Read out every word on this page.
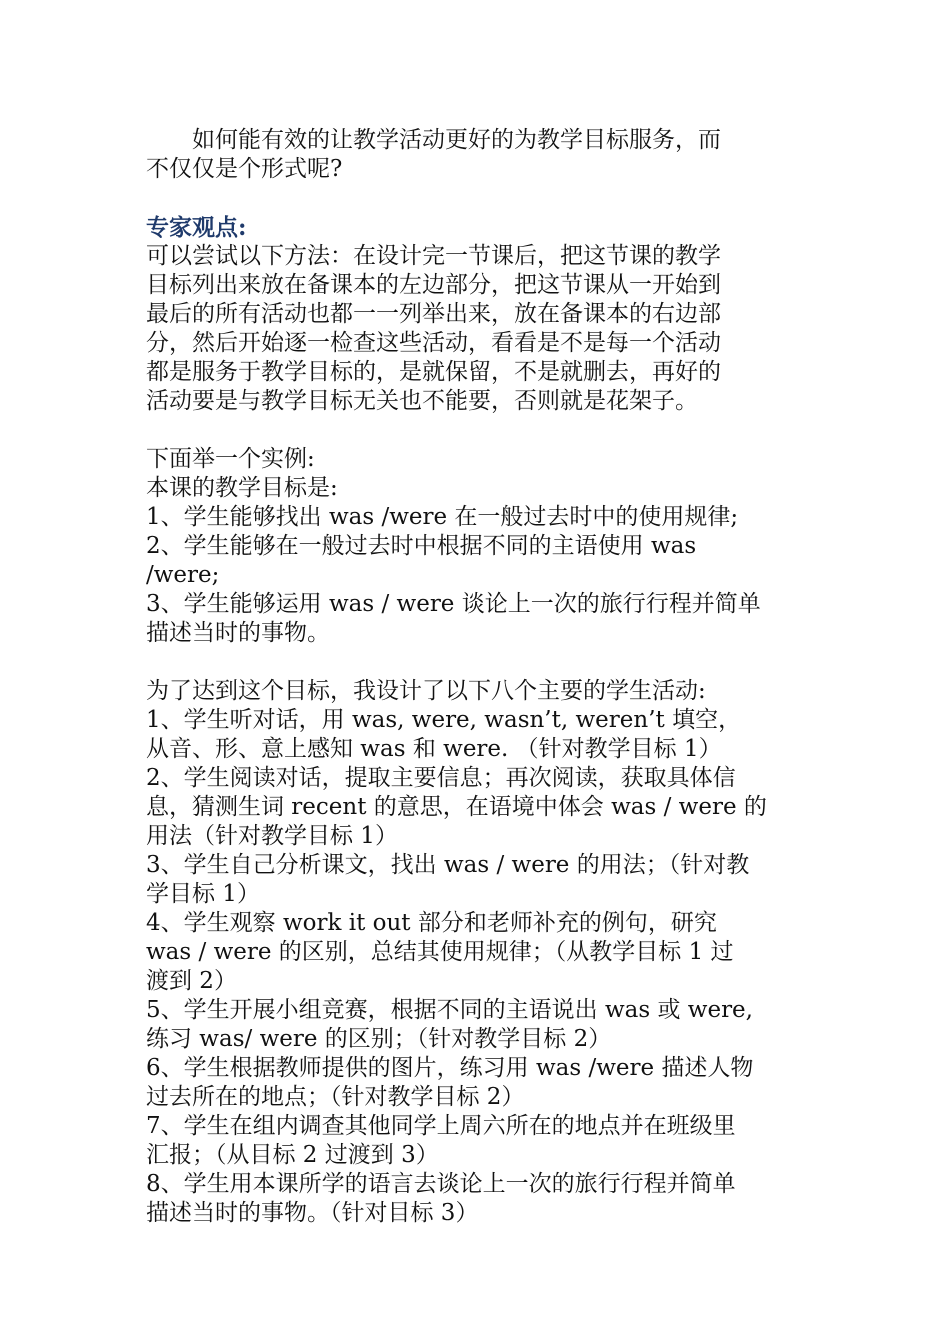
如何能有效的让教学活动更好的为教学目标服务，而
不仅仅是个形式呢?
专家观点:
可以尝试以下方法：在设计完一节课后，把这节课的教学
目标列出来放在备课本的左边部分，把这节课从一开始到
最后的所有活动也都一一列举出来，放在备课本的右边部
分，然后开始逐一检查这些活动，看看是不是每一个活动
都是服务于教学目标的，是就保留，不是就删去，再好的
活动要是与教学目标无关也不能要，否则就是花架子。
下面举一个实例:
本课的教学目标是:
1、学生能够找出 was /were 在一般过去时中的使用规律;
2、学生能够在一般过去时中根据不同的主语使用 was
/were;
3、学生能够运用 was / were 谈论上一次的旅行行程并简单
描述当时的事物。
为了达到这个目标，我设计了以下八个主要的学生活动:
1、学生听对话，用 was, were, wasn’t, weren’t 填空，
从音、形、意上感知 was 和 were. （针对教学目标 1）
2、学生阅读对话，提取主要信息；再次阅读，获取具体信
息，猜测生词 recent 的意思，在语境中体会 was / were 的
用法（针对教学目标 1）
3、学生自己分析课文，找出 was / were 的用法；（针对教
学目标 1）
4、学生观察 work it out 部分和老师补充的例句，研究
was / were 的区别，总结其使用规律；（从教学目标 1 过
渡到 2）
5、学生开展小组竞赛，根据不同的主语说出 was 或 were,
练习 was/ were 的区别；（针对教学目标 2）
6、学生根据教师提供的图片，练习用 was /were 描述人物
过去所在的地点；（针对教学目标 2）
7、学生在组内调查其他同学上周六所在的地点并在班级里
汇报；（从目标 2 过渡到 3）
8、学生用本课所学的语言去谈论上一次的旅行行程并简单
描述当时的事物。（针对目标 3）
